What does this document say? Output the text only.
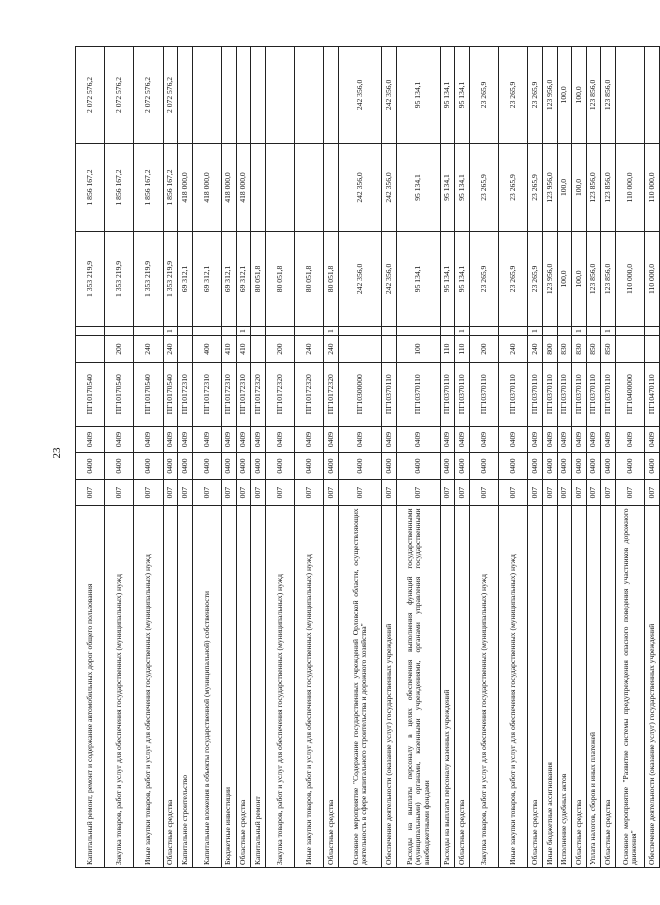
23
Капитальный ремонт, ремонт и содержание автомобильных дорог общего пользования	007	0400	0409	ПГ10170540			1 353 219,9	1 856 167,2	2 072 576,2
Закупка товаров, работ и услуг для обеспечения государственных (муниципальных) нужд	007	0400	0409	ПГ10170540	200		1 353 219,9	1 856 167,2	2 072 576,2
Иные закупки товаров, работ и услуг для обеспечения государственных (муниципальных) нужд	007	0400	0409	ПГ10170540	240		1 353 219,9	1 856 167,2	2 072 576,2
Областные средства	007	0400	0409	ПГ10170540	240	1	1 353 219,9	1 856 167,2	2 072 576,2
Капитальное строительство	007	0400	0409	ПГ10172310			69 312,1	418 000,0	
Капитальные вложения в объекты государственной (муниципальной) собственности	007	0400	0409	ПГ10172310	400		69 312,1	418 000,0	
Бюджетные инвестиции	007	0400	0409	ПГ10172310	410		69 312,1	418 000,0	
Областные средства	007	0400	0409	ПГ10172310	410	1	69 312,1	418 000,0	
Капитальный ремонт	007	0400	0409	ПГ10172320			80 051,8		
Закупка товаров, работ и услуг для обеспечения государственных (муниципальных) нужд	007	0400	0409	ПГ10172320	200		80 051,8		
Иные закупки товаров, работ и услуг для обеспечения государственных (муниципальных) нужд	007	0400	0409	ПГ10172320	240		80 051,8		
Областные средства	007	0400	0409	ПГ10172320	240	1	80 051,8		
Основное мероприятие "Содержание государственных учреждений Орловской области, осуществляющих деятельность в сфере капитального строительства и дорожного хозяйства"	007	0400	0409	ПГ10300000			242 356,0	242 356,0	242 356,0
Обеспечение деятельности (оказание услуг) государственных учреждений	007	0400	0409	ПГ10370110			242 356,0	242 356,0	242 356,0
Расходы на выплаты персоналу в целях обеспечения выполнения функций государственными (муниципальными) органами, казенными учреждениями, органами управления государственными внебюджетными фондами	007	0400	0409	ПГ10370110	100		95 134,1	95 134,1	95 134,1
Расходы на выплаты персоналу казенных учреждений	007	0400	0409	ПГ10370110	110		95 134,1	95 134,1	95 134,1
Областные средства	007	0400	0409	ПГ10370110	110	1	95 134,1	95 134,1	95 134,1
Закупка товаров, работ и услуг для обеспечения государственных (муниципальных) нужд	007	0400	0409	ПГ10370110	200		23 265,9	23 265,9	23 265,9
Иные закупки товаров, работ и услуг для обеспечения государственных (муниципальных) нужд	007	0400	0409	ПГ10370110	240		23 265,9	23 265,9	23 265,9
Областные средства	007	0400	0409	ПГ10370110	240	1	23 265,9	23 265,9	23 265,9
Иные бюджетные ассигнования	007	0400	0409	ПГ10370110	800		123 956,0	123 956,0	123 956,0
Исполнение судебных актов	007	0400	0409	ПГ10370110	830		100,0	100,0	100,0
Областные средства	007	0400	0409	ПГ10370110	830	1	100,0	100,0	100,0
Уплата налогов, сборов и иных платежей	007	0400	0409	ПГ10370110	850		123 856,0	123 856,0	123 856,0
Областные средства	007	0400	0409	ПГ10370110	850	1	123 856,0	123 856,0	123 856,0
Основное мероприятие "Развитие системы предупреждения опасного поведения участников дорожного движения"	007	0400	0409	ПГ10400000			110 000,0	110 000,0	
Обеспечение деятельности (оказание услуг) государственных учреждений	007	0400	0409	ПГ10470110			110 000,0	110 000,0	
